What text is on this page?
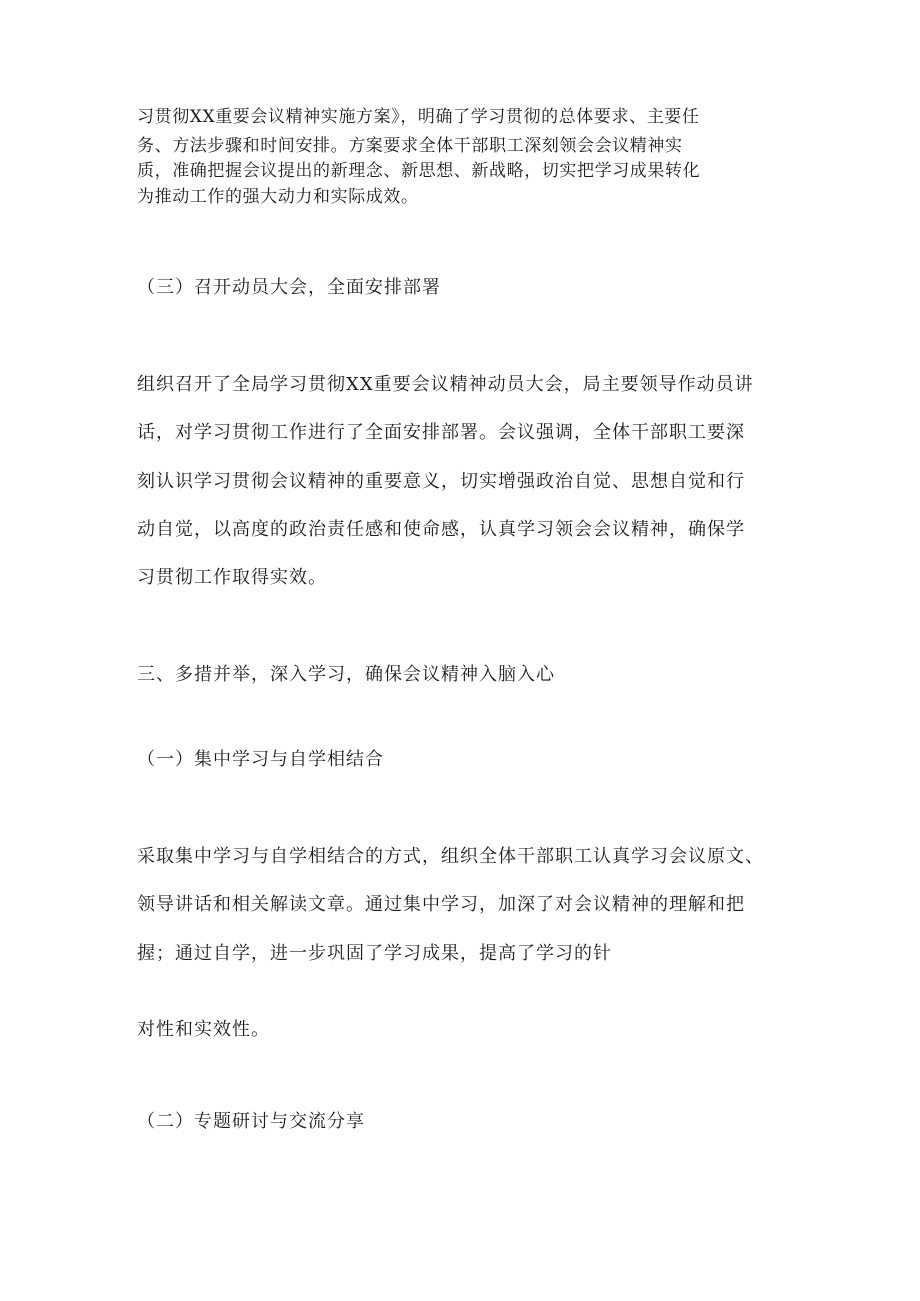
习贯彻XX重要会议精神实施方案》，明确了学习贯彻的总体要求、主要任
务、方法步骤和时间安排。方案要求全体干部职工深刻领会会议精神实
质，准确把握会议提出的新理念、新思想、新战略，切实把学习成果转化
为推动工作的强大动力和实际成效。
（三）召开动员大会，全面安排部署
组织召开了全局学习贯彻XX重要会议精神动员大会，局主要领导作动员讲
话，对学习贯彻工作进行了全面安排部署。会议强调，全体干部职工要深
刻认识学习贯彻会议精神的重要意义，切实增强政治自觉、思想自觉和行
动自觉，以高度的政治责任感和使命感，认真学习领会会议精神，确保学
习贯彻工作取得实效。
三、多措并举，深入学习，确保会议精神入脑入心
（一）集中学习与自学相结合
采取集中学习与自学相结合的方式，组织全体干部职工认真学习会议原文、
领导讲话和相关解读文章。通过集中学习，加深了对会议精神的理解和把
握；通过自学，进一步巩固了学习成果，提高了学习的针
对性和实效性。
（二）专题研讨与交流分享
